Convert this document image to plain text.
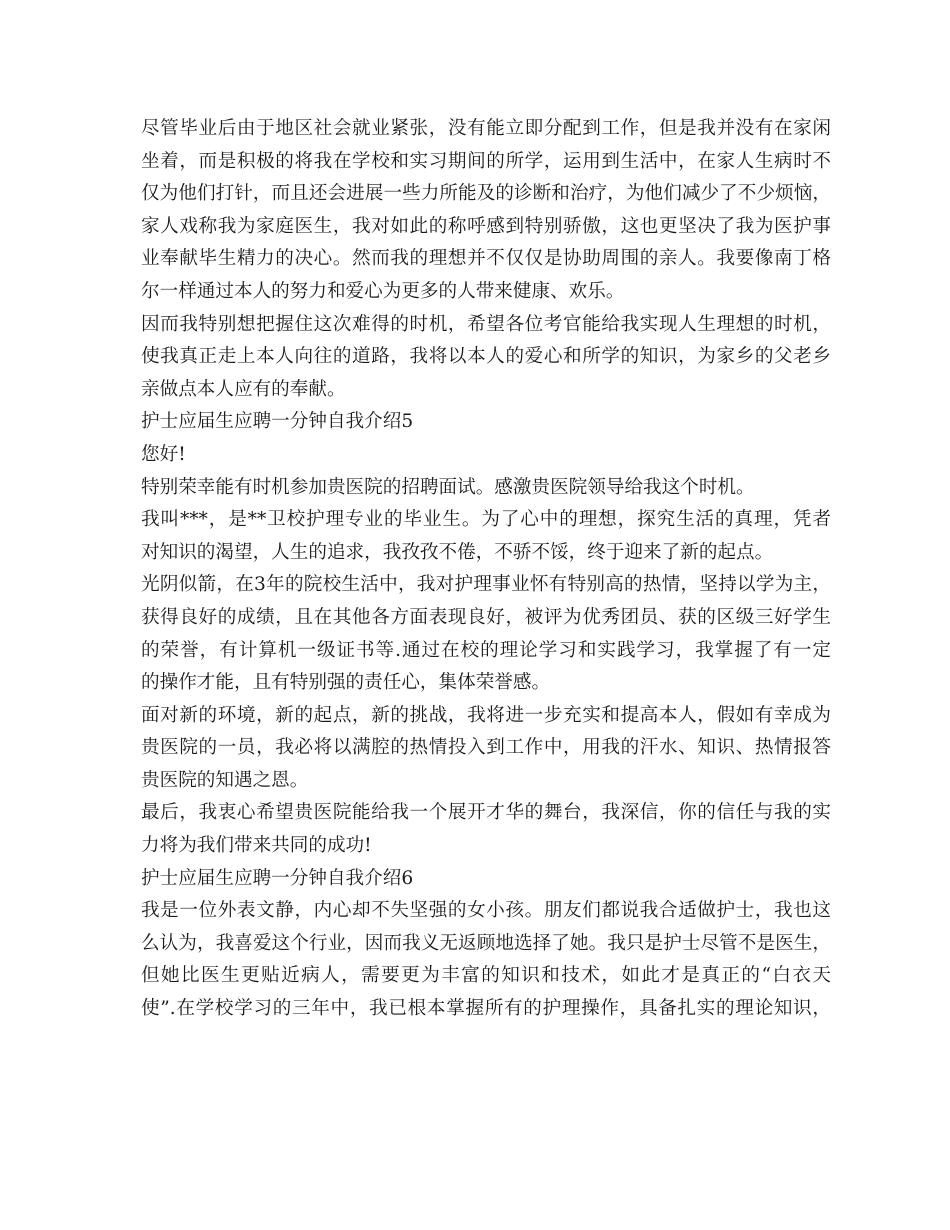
尽管毕业后由于地区社会就业紧张，没有能立即分配到工作，但是我并没有在家闲
坐着，而是积极的将我在学校和实习期间的所学，运用到生活中，在家人生病时不
仅为他们打针，而且还会进展一些力所能及的诊断和治疗，为他们减少了不少烦恼，
家人戏称我为家庭医生，我对如此的称呼感到特别骄傲，这也更坚决了我为医护事
业奉献毕生精力的决心。然而我的理想并不仅仅是协助周围的亲人。我要像南丁格
尔一样通过本人的努力和爱心为更多的人带来健康、欢乐。
因而我特别想把握住这次难得的时机，希望各位考官能给我实现人生理想的时机，
使我真正走上本人向往的道路，我将以本人的爱心和所学的知识，为家乡的父老乡
亲做点本人应有的奉献。
护士应届生应聘一分钟自我介绍5
您好!
特别荣幸能有时机参加贵医院的招聘面试。感激贵医院领导给我这个时机。
我叫***，是**卫校护理专业的毕业生。为了心中的理想，探究生活的真理，凭者
对知识的渴望，人生的追求，我孜孜不倦，不骄不馁，终于迎来了新的起点。
光阴似箭，在3年的院校生活中，我对护理事业怀有特别高的热情，坚持以学为主，
获得良好的成绩，且在其他各方面表现良好，被评为优秀团员、获的区级三好学生
的荣誉，有计算机一级证书等.通过在校的理论学习和实践学习，我掌握了有一定
的操作才能，且有特别强的责任心，集体荣誉感。
面对新的环境，新的起点，新的挑战，我将进一步充实和提高本人，假如有幸成为
贵医院的一员，我必将以满腔的热情投入到工作中，用我的汗水、知识、热情报答
贵医院的知遇之恩。
最后，我衷心希望贵医院能给我一个展开才华的舞台，我深信，你的信任与我的实
力将为我们带来共同的成功!
护士应届生应聘一分钟自我介绍6
我是一位外表文静，内心却不失坚强的女小孩。朋友们都说我合适做护士，我也这
么认为，我喜爱这个行业，因而我义无返顾地选择了她。我只是护士尽管不是医生，
但她比医生更贴近病人，需要更为丰富的知识和技术，如此才是真正的“白衣天
使”.在学校学习的三年中，我已根本掌握所有的护理操作，具备扎实的理论知识，
